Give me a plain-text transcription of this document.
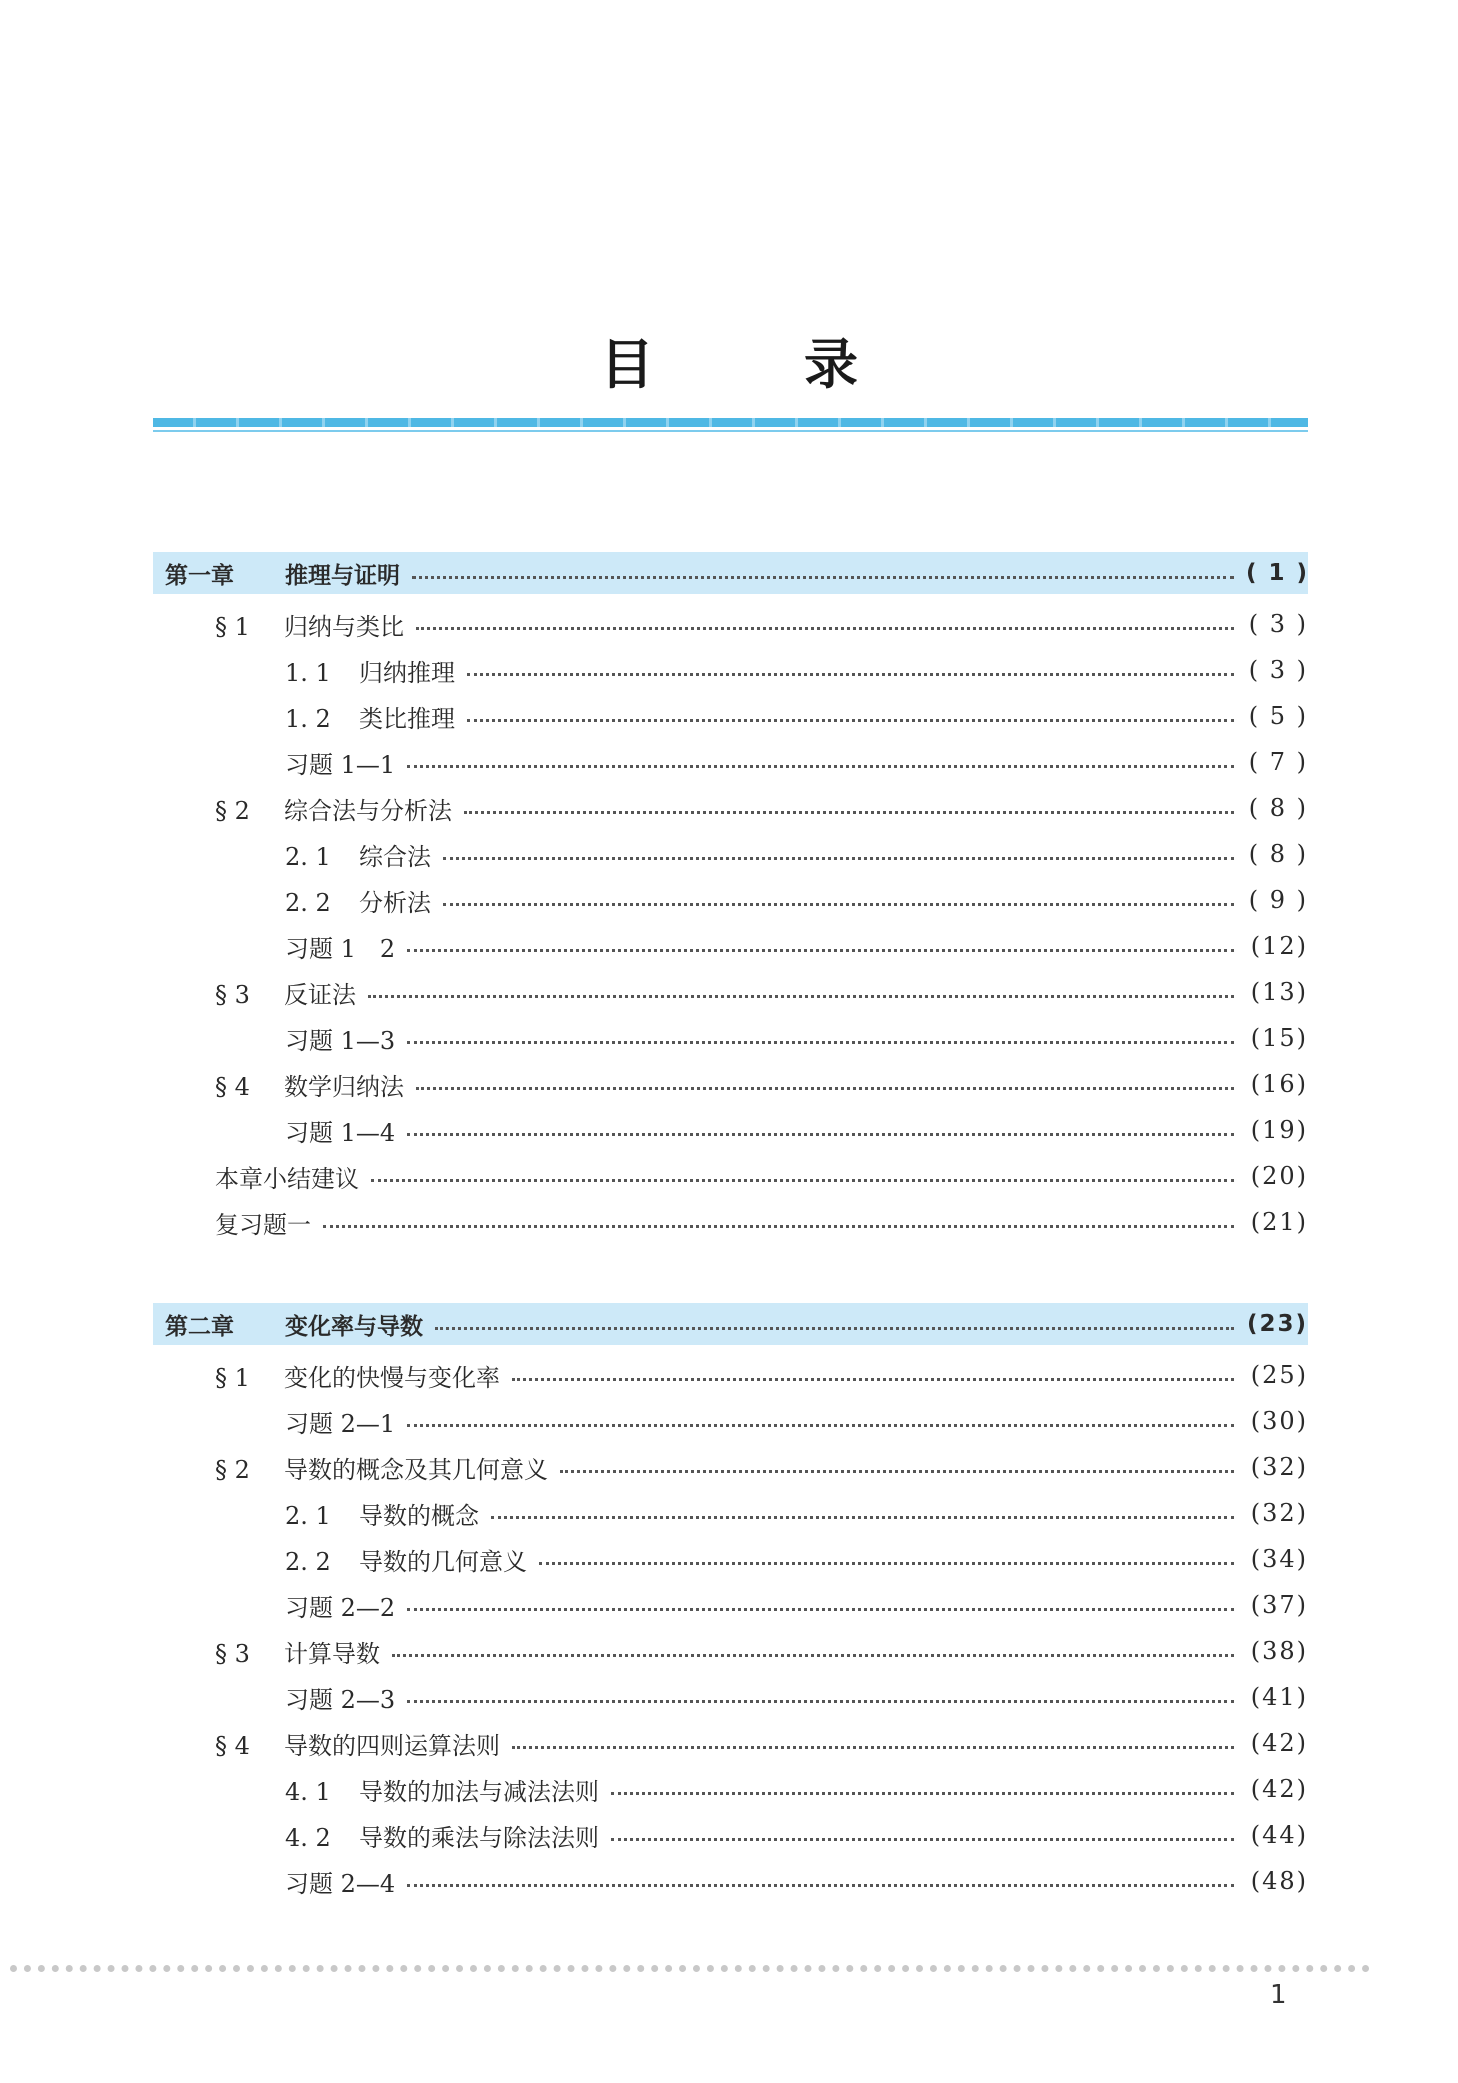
目	录
第一章 推理与证明	( 1 )
§ 1 归纳与类比	( 3 )
1. 1 归纳推理	( 3 )
1. 2 类比推理	( 5 )
习题 1—1	( 7 )
§ 2 综合法与分析法	( 8 )
2. 1 综合法	( 8 )
2. 2 分析法	( 9 )
习题 1　2	(12)
§ 3 反证法	(13)
习题 1—3	(15)
§ 4 数学归纳法	(16)
习题 1—4	(19)
本章小结建议	(20)
复习题一	(21)
第二章 变化率与导数	(23)
§ 1 变化的快慢与变化率	(25)
习题 2—1	(30)
§ 2 导数的概念及其几何意义	(32)
2. 1 导数的概念	(32)
2. 2 导数的几何意义	(34)
习题 2—2	(37)
§ 3 计算导数	(38)
习题 2—3	(41)
§ 4 导数的四则运算法则	(42)
4. 1 导数的加法与减法法则	(42)
4. 2 导数的乘法与除法法则	(44)
习题 2—4	(48)
1
